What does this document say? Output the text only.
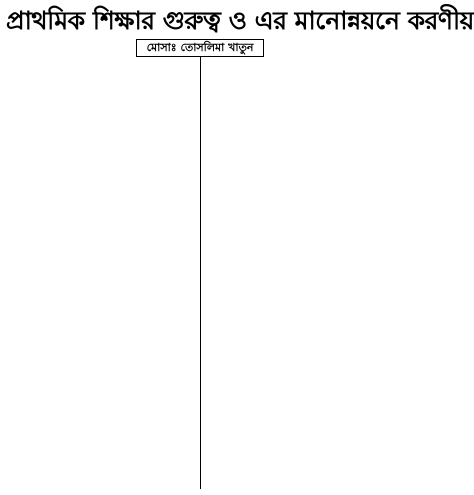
প্রাথমিক শিক্ষার গুরুত্ব ও এর মানোন্নয়নে করণীয়
মোসাঃ তোসলিমা খাতুন
